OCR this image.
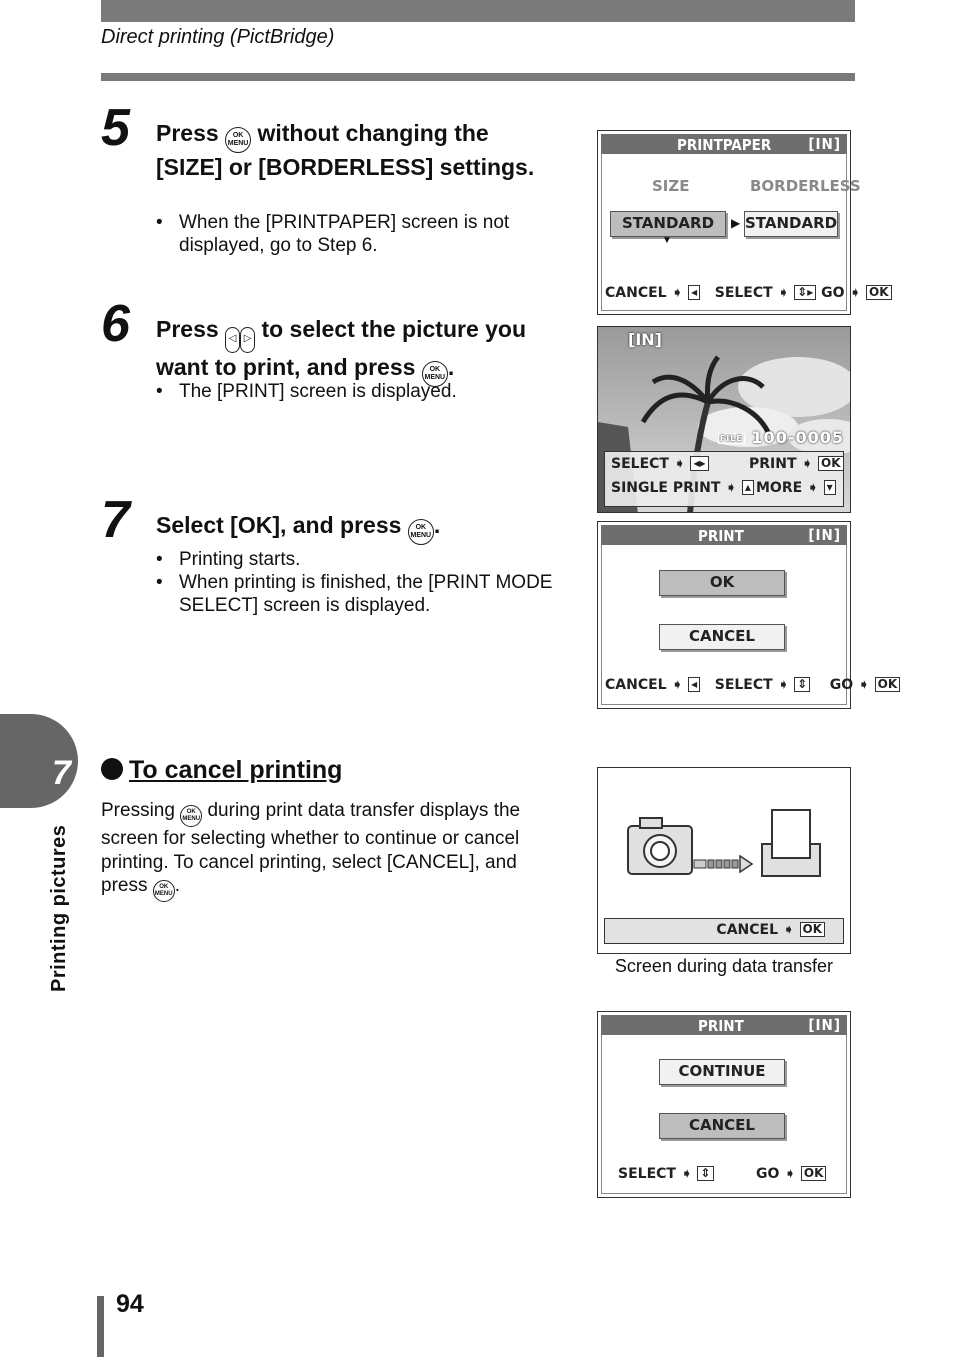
Direct printing (PictBridge)
5 Press OK
MENU without changing the [SIZE] or [BORDERLESS] settings.
• When the [PRINTPAPER] screen is not displayed, go to Step 6.
6 Press ◁ ▷ to select the picture you want to print, and press OK
MENU .
• The [PRINT] screen is displayed.
7 Select [OK], and press OK
MENU .
• Printing starts.
• When printing is finished, the [PRINT MODE SELECT] screen is displayed.
To cancel printing
Pressing OK
MENU during print data transfer displays the screen for selecting whether to continue or cancel printing. To cancel printing, select [CANCEL], and press OK
MENU .
PRINTPAPER [IN]
SIZE	BORDERLESS
STANDARD	▶ STANDARD
▼
CANCEL ➧ ◂ SELECT ➧ ⇕▸ GO ➧ OK
[IN]
FILE 100-0005
SELECT ➧ ◂▸	PRINT ➧ OK
SINGLE PRINT ➧ ▴ MORE ➧ ▾
PRINT	[IN]
OK
CANCEL
CANCEL ➧ ◂ SELECT ➧ ⇕ GO ➧ OK
CANCEL ➧ OK
Screen during data transfer
PRINT	[IN]
CONTINUE
CANCEL
SELECT ➧ ⇕	GO ➧ OK
7
Printing pictures
94
